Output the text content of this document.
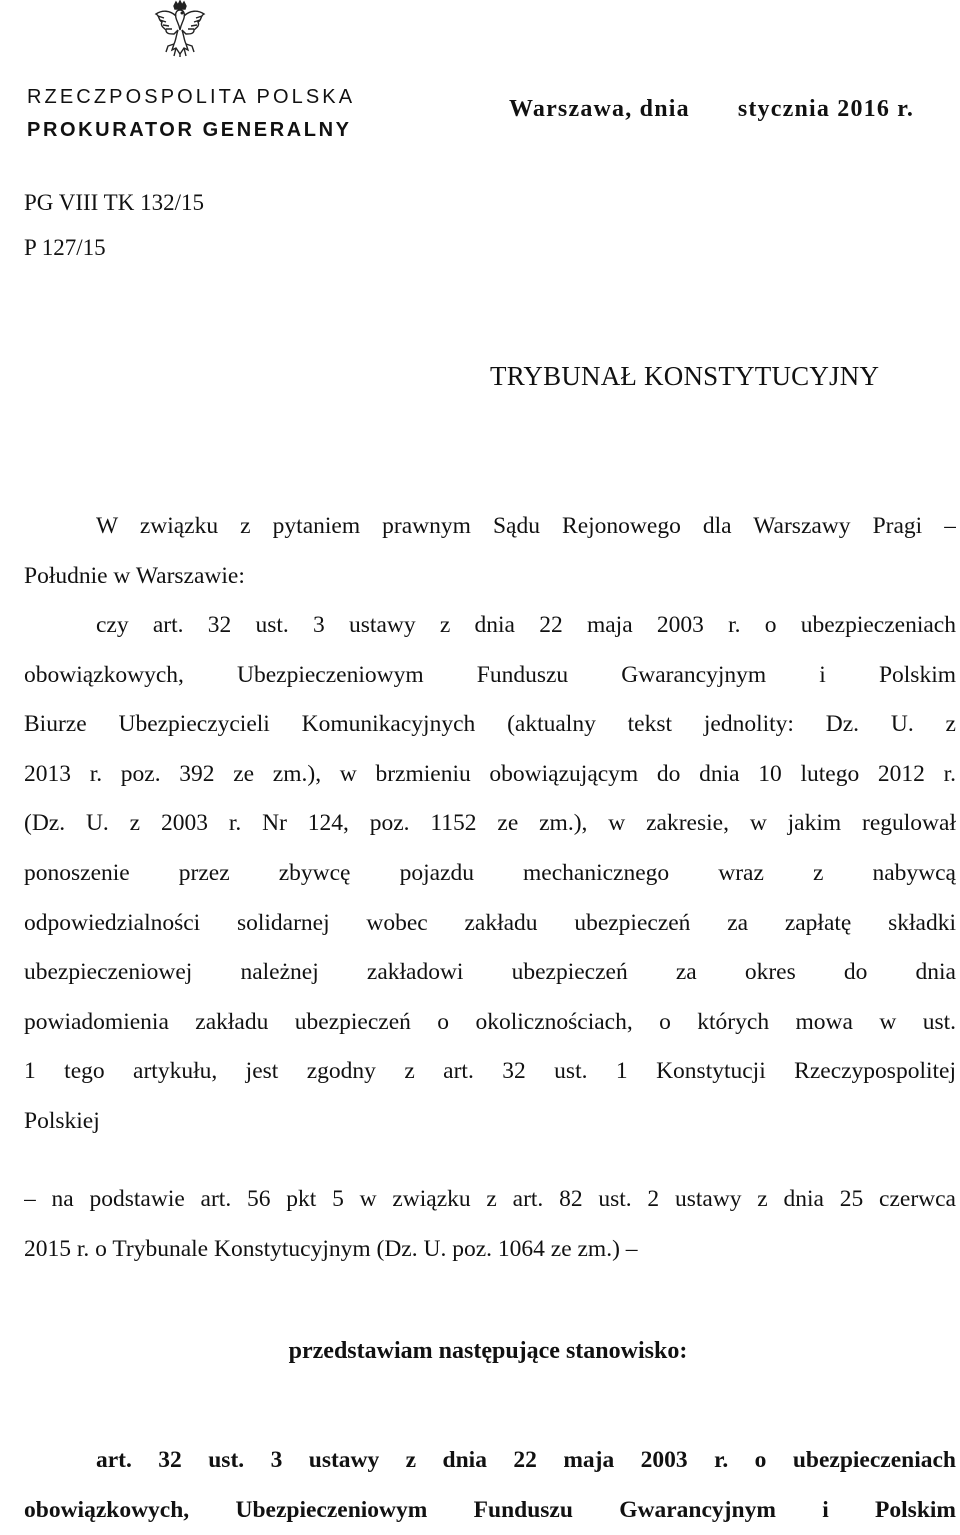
RZECZPOSPOLITA POLSKA
PROKURATOR GENERALNY
Warszawa, dnia stycznia 2016 r.
PG VIII TK 132/15
P 127/15
TRYBUNAŁ KONSTYTUCYJNY
W związku z pytaniem prawnym Sądu Rejonowego dla Warszawy Pragi –
Południe w Warszawie:
czy art. 32 ust. 3 ustawy z dnia 22 maja 2003 r. o ubezpieczeniach
obowiązkowych, Ubezpieczeniowym Funduszu Gwarancyjnym i Polskim
Biurze Ubezpieczycieli Komunikacyjnych (aktualny tekst jednolity: Dz. U. z
2013 r. poz. 392 ze zm.), w brzmieniu obowiązującym do dnia 10 lutego 2012 r.
(Dz. U. z 2003 r. Nr 124, poz. 1152 ze zm.), w zakresie, w jakim regulował
ponoszenie przez zbywcę pojazdu mechanicznego wraz z nabywcą
odpowiedzialności solidarnej wobec zakładu ubezpieczeń za zapłatę składki
ubezpieczeniowej należnej zakładowi ubezpieczeń za okres do dnia
powiadomienia zakładu ubezpieczeń o okolicznościach, o których mowa w ust.
1 tego artykułu, jest zgodny z art. 32 ust. 1 Konstytucji Rzeczypospolitej
Polskiej
– na podstawie art. 56 pkt 5 w związku z art. 82 ust. 2 ustawy z dnia 25 czerwca
2015 r. o Trybunale Konstytucyjnym (Dz. U. poz. 1064 ze zm.) –
przedstawiam następujące stanowisko:
art. 32 ust. 3 ustawy z dnia 22 maja 2003 r. o ubezpieczeniach
obowiązkowych, Ubezpieczeniowym Funduszu Gwarancyjnym i Polskim
